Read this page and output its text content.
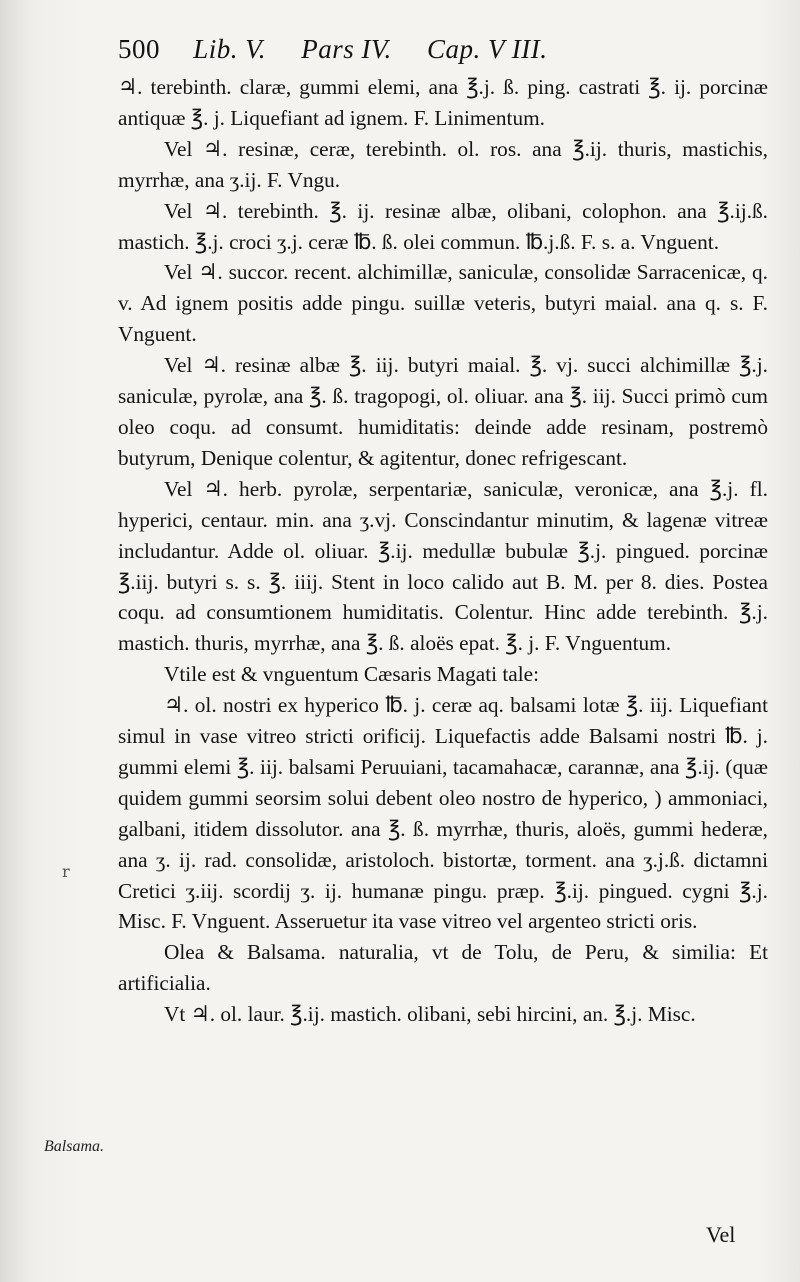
500 Lib. V. Pars IV. Cap. V III.

♃. terebinth. claræ, gummi elemi, ana ℥.j. ß. ping. castrati ℥. ij. porcinæ antiquæ ℥. j. Liquefiant ad ignem. F. Linimentum.

Vel ♃. resinæ, ceræ, terebinth. ol. ros. ana ℥.ij. thuris, mastichis, myrrhæ, ana ʒ.ij. F. Vngu.

Vel ♃. terebinth. ℥. ij. resinæ albæ, olibani, colophon. ana ℥.ij.ß. mastich. ℥.j. croci ʒ.j. ceræ ℔. ß. olei commun. ℔.j.ß. F. s. a. Vnguent.

Vel ♃. succor. recent. alchimillæ, saniculæ, consolidæ Sarracenicæ, q. v. Ad ignem positis adde pingu. suillæ veteris, butyri maial. ana q. s. F. Vnguent.

Vel ♃. resinæ albæ ℥. iij. butyri maial. ℥. vj. succi alchimillæ ℥.j. saniculæ, pyrolæ, ana ℥. ß. tragopogi, ol. oliuar. ana ℥. iij. Succi primò cum oleo coqu. ad consumt. humiditatis: deinde adde resinam, postremò butyrum, Denique colentur, & agitentur, donec refrigescant.

Vel ♃. herb. pyrolæ, serpentariæ, saniculæ, veronicæ, ana ℥.j. fl. hyperici, centaur. min. ana ʒ.vj. Conscindantur minutim, & lagenæ vitreæ includantur. Adde ol. oliuar. ℥.ij. medullæ bubulæ ℥.j. pingued. porcinæ ℥.iij. butyri s. s. ℥. iiij. Stent in loco calido aut B. M. per 8. dies. Postea coqu. ad consumtionem humiditatis. Colentur. Hinc adde terebinth. ℥.j. mastich. thuris, myrrhæ, ana ℥. ß. aloës epat. ℥. j. F. Vnguentum.

Vtile est & vnguentum Cæsaris Magati tale:

♃. ol. nostri ex hyperico ℔. j. ceræ aq. balsami lotæ ℥. iij. Liquefiant simul in vase vitreo stricti orificij. Liquefactis adde Balsami nostri ℔. j. gummi elemi ℥. iij. balsami Peruuiani, tacamahacæ, carannæ, ana ℥.ij. (quæ quidem gummi seorsim solui debent oleo nostro de hyperico, ) ammoniaci, galbani, itidem dissolutor. ana ℥. ß. myrrhæ, thuris, aloës, gummi hederæ, ana ʒ. ij. rad. consolidæ, aristoloch. bistortæ, torment. ana ʒ.j.ß. dictamni Cretici ʒ.iij. scordij ʒ. ij. humanæ pingu. præp. ℥.ij. pingued. cygni ℥.j. Misc. F. Vnguent. Asseruetur ita vase vitreo vel argenteo stricti oris.

Olea & Balsama. naturalia, vt de Tolu, de Peru, & similia: Et artificialia.

Vt ♃. ol. laur. ℥.ij. mastich. olibani, sebi hircini, an. ℥.j. Misc.

r
Balsama.
Vel
